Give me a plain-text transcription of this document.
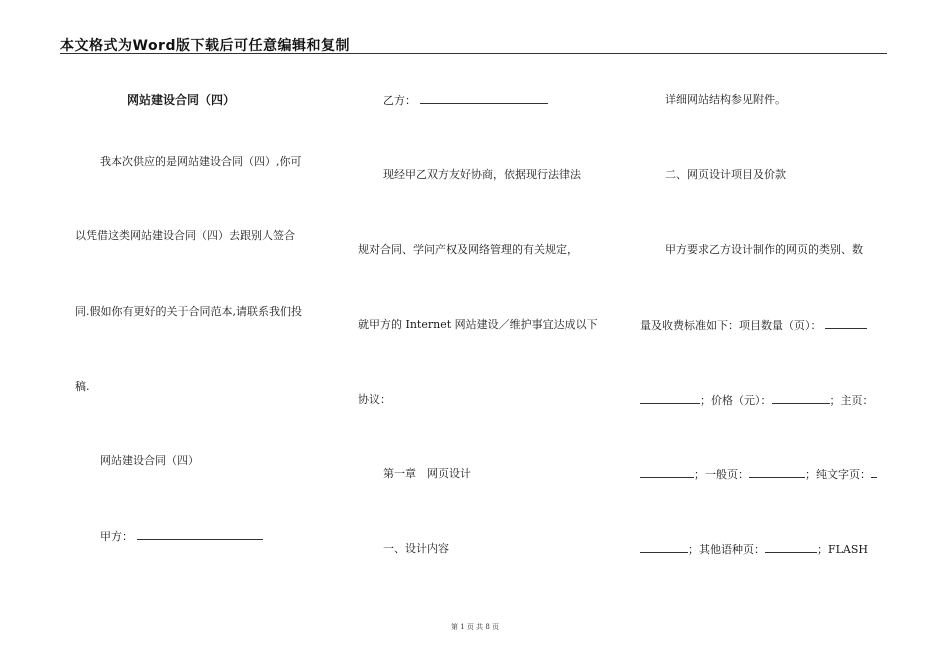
本文格式为Word版下载后可任意编辑和复制
网站建设合同（四）
我本次供应的是网站建设合同（四）,你可
以凭借这类网站建设合同（四）去跟别人签合
同.假如你有更好的关于合同范本,请联系我们投
稿.
网站建设合同（四）
甲方：
乙方：
现经甲乙双方友好协商，依据现行法律法
规对合同、学问产权及网络管理的有关规定，
就甲方的 Internet 网站建设／维护事宜达成以下
协议：
第一章　网页设计
一、设计内容
详细网站结构参见附件。
二、网页设计项目及价款
甲方要求乙方设计制作的网页的类别、数
量及收费标准如下：项目数量（页）：
；价格（元）：	；主页：
；一般页：	；纯文字页：
；其他语种页：	；FLASH
第 1 页 共 8 页
